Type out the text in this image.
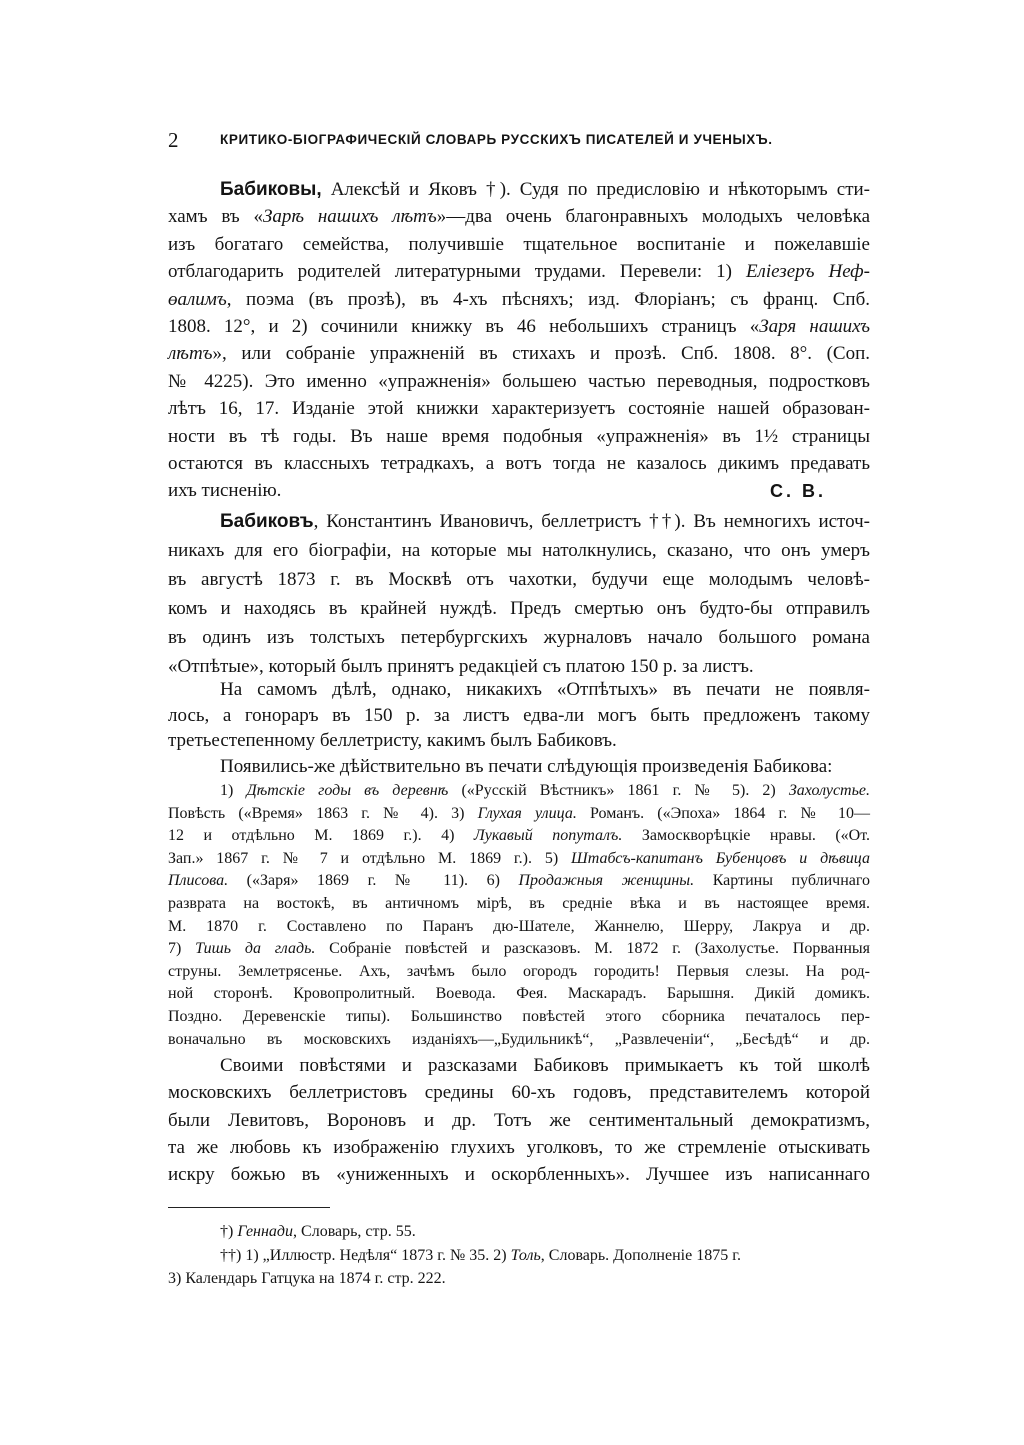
2	КРИТИКО-БІОГРАФИЧЕСКІЙ СЛОВАРЬ РУССКИХЪ ПИСАТЕЛЕЙ И УЧЕНЫХЪ.
Бабиковы, Алексѣй и Яковъ †). Судя по предисловію и нѣкоторымъ сти-
хамъ въ «Зарѣ нашихъ лѣтъ»—два очень благонравныхъ молодыхъ человѣка
изъ богатаго семейства, получившіе тщательное воспитаніе и пожелавшіе
отблагодарить родителей литературными трудами. Перевели: 1) Еліезеръ Неф-
өалимъ, поэма (въ прозѣ), въ 4-хъ пѣсняхъ; изд. Флоріанъ; съ франц. Спб.
1808. 12°, и 2) сочинили книжку въ 46 небольшихъ страницъ «Заря нашихъ
лѣтъ», или собраніе упражненій въ стихахъ и прозѣ. Спб. 1808. 8°. (Соп.
№ 4225). Это именно «упражненія» большею частью переводныя, подростковъ
лѣтъ 16, 17. Изданіе этой книжки характеризуетъ состояніе нашей образован-
ности въ тѣ годы. Въ наше время подобныя «упражненія» въ 1½ страницы
остаются въ классныхъ тетрадкахъ, а вотъ тогда не казалось дикимъ предавать
ихъ тисненію.
Бабиковъ, Константинъ Ивановичъ, беллетристъ ††). Въ немногихъ источ-
никахъ для его біографіи, на которые мы натолкнулись, сказано, что онъ умеръ
въ августѣ 1873 г. въ Москвѣ отъ чахотки, будучи еще молодымъ человѣ-
комъ и находясь въ крайней нуждѣ. Предъ смертью онъ будто-бы отправилъ
въ одинъ изъ толстыхъ петербургскихъ журналовъ начало большого романа
«Отпѣтые», который былъ принятъ редакціей съ платою 150 р. за листъ.
На самомъ дѣлѣ, однако, никакихъ «Отпѣтыхъ» въ печати не появля-
лось, а гонораръ въ 150 р. за листъ едва-ли могъ быть предложенъ такому
третьестепенному беллетристу, какимъ былъ Бабиковъ.
Появились-же дѣйствительно въ печати слѣдующія произведенія Бабикова:
1) Дѣтскіе годы въ деревнѣ («Русскій Вѣстникъ» 1861 г. № 5). 2) Захолустье.
Повѣсть («Время» 1863 г. № 4). 3) Глухая улица. Романъ. («Эпоха» 1864 г. № 10—
12 и отдѣльно М. 1869 г.). 4) Лукавый попуталъ. Замоскворѣцкіе нравы. («От.
Зап.» 1867 г. № 7 и отдѣльно М. 1869 г.). 5) Штабсъ-капитанъ Бубенцовъ и дѣвица
Плисова. («Заря» 1869 г. № 11). 6) Продажныя женщины. Картины публичнаго
разврата на востокѣ, въ античномъ мірѣ, въ средніе вѣка и въ настоящее время.
М. 1870 г. Составлено по Паранъ дю-Шателе, Жаннелю, Шерру, Лакруа и др.
7) Тишь да гладь. Собраніе повѣстей и разсказовъ. М. 1872 г. (Захолустье. Порванныя
струны. Землетрясенье. Ахъ, зачѣмъ было огородъ городить! Первыя слезы. На род-
ной сторонѣ. Кровопролитный. Воевода. Фея. Маскарадъ. Барышня. Дикій домикъ.
Поздно. Деревенскіе типы). Большинство повѣстей этого сборника печаталось пер-
воначально въ московскихъ изданіяхъ—„Будильникѣ“, „Развлеченіи“, „Бесѣдѣ“ и др.
Своими повѣстями и разсказами Бабиковъ примыкаетъ къ той школѣ
московскихъ беллетристовъ средины 60-хъ годовъ, представителемъ которой
были Левитовъ, Вороновъ и др. Тотъ же сентиментальный демократизмъ,
та же любовь къ изображенію глухихъ уголковъ, то же стремленіе отыскивать
искру божью въ «униженныхъ и оскорбленныхъ». Лучшее изъ написаннаго
†) Геннади, Словарь, стр. 55.
††) 1) „Иллюстр. Недѣля“ 1873 г. № 35. 2) Толь, Словарь. Дополненіе 1875 г.
3) Календарь Гатцука на 1874 г. стр. 222.
С. В.
